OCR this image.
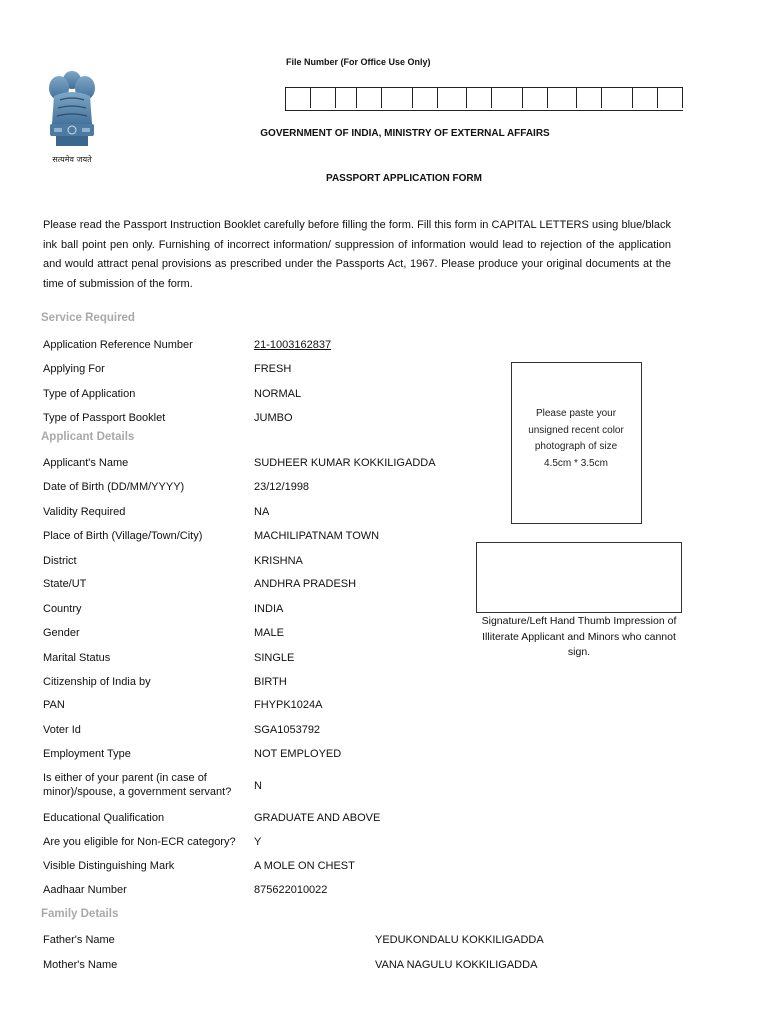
सत्यमेव जयते
File Number (For Office Use Only)
GOVERNMENT OF INDIA, MINISTRY OF EXTERNAL AFFAIRS
PASSPORT APPLICATION FORM
Please read the Passport Instruction Booklet carefully before filling the form. Fill this form in CAPITAL LETTERS using blue/black ink ball point pen only. Furnishing of incorrect information/ suppression of information would lead to rejection of the application and would attract penal provisions as prescribed under the Passports Act, 1967. Please produce your original documents at the time of submission of the form.
Service Required
Application Reference Number	21-1003162837
Applying For	FRESH
Type of Application	NORMAL
Type of Passport Booklet	JUMBO
Applicant Details
Applicant's Name	SUDHEER KUMAR KOKKILIGADDA
Date of Birth (DD/MM/YYYY)	23/12/1998
Validity Required	NA
Place of Birth (Village/Town/City)	MACHILIPATNAM TOWN
District	KRISHNA
State/UT	ANDHRA PRADESH
Country	INDIA
Gender	MALE
Marital Status	SINGLE
Citizenship of India by	BIRTH
PAN	FHYPK1024A
Voter Id	SGA1053792
Employment Type	NOT EMPLOYED
Is either of your parent (in case of minor)/spouse, a government servant?	N
Educational Qualification	GRADUATE AND ABOVE
Are you eligible for Non-ECR category? Y
Visible Distinguishing Mark	A MOLE ON CHEST
Aadhaar Number	875622010022
Family Details
Father's Name	YEDUKONDALU KOKKILIGADDA
Mother's Name	VANA NAGULU KOKKILIGADDA
Please paste your unsigned recent color photograph of size 4.5cm * 3.5cm
Signature/Left Hand Thumb Impression of Illiterate Applicant and Minors who cannot sign.
